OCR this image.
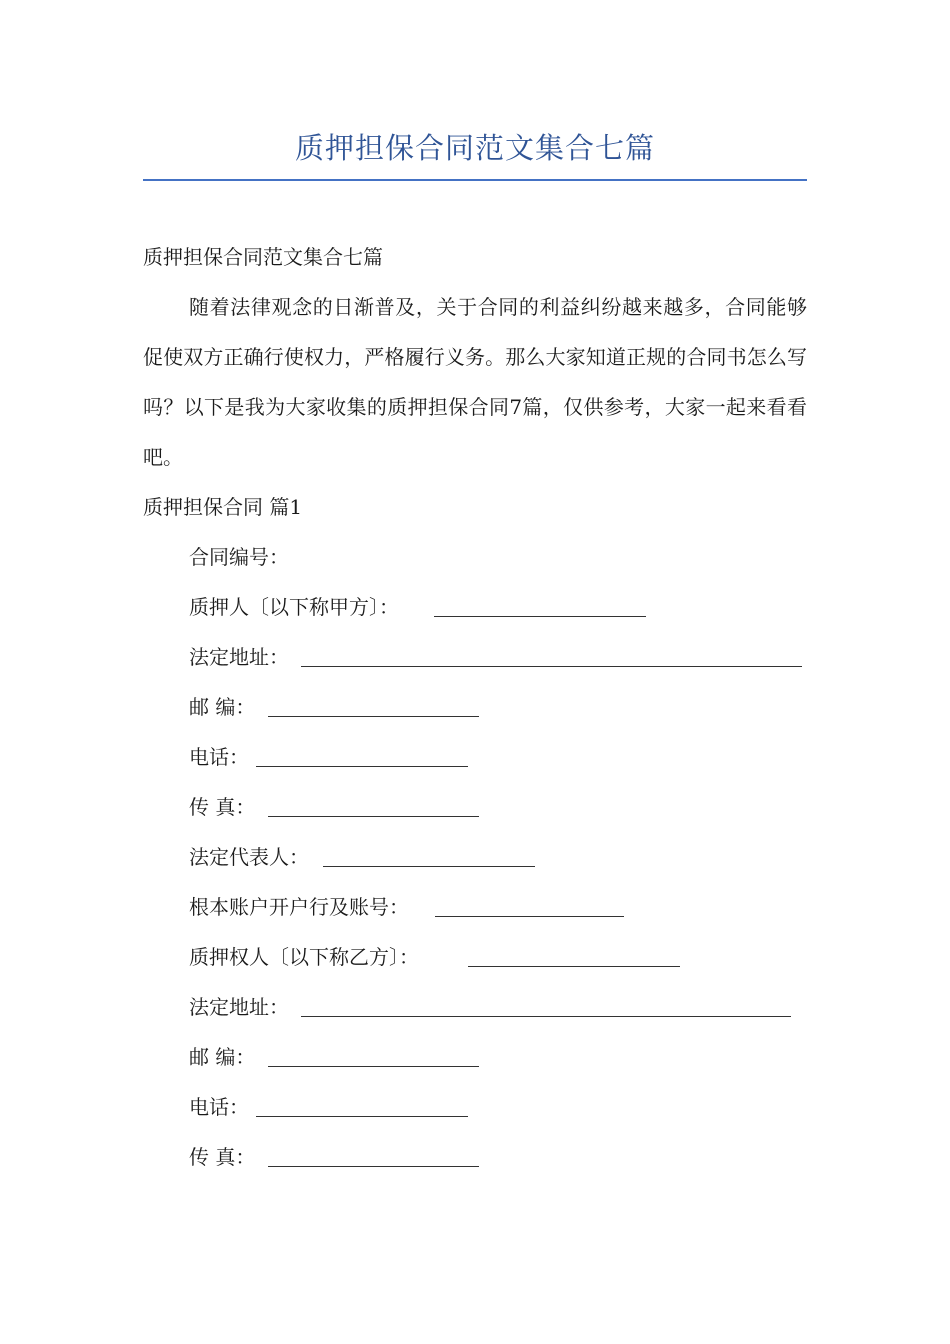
质押担保合同范文集合七篇
质押担保合同范文集合七篇

随着法律观念的日渐普及，关于合同的利益纠纷越来越多，合同能够促使双方正确行使权力，严格履行义务。那么大家知道正规的合同书怎么写吗？以下是我为大家收集的质押担保合同7篇，仅供参考，大家一起来看看吧。

质押担保合同 篇1
合同编号：
质押人〔以下称甲方〕：
法定地址：
邮 编：
电话：
传 真：
法定代表人：
根本账户开户行及账号：
质押权人〔以下称乙方〕：
法定地址：
邮 编：
电话：
传 真：
